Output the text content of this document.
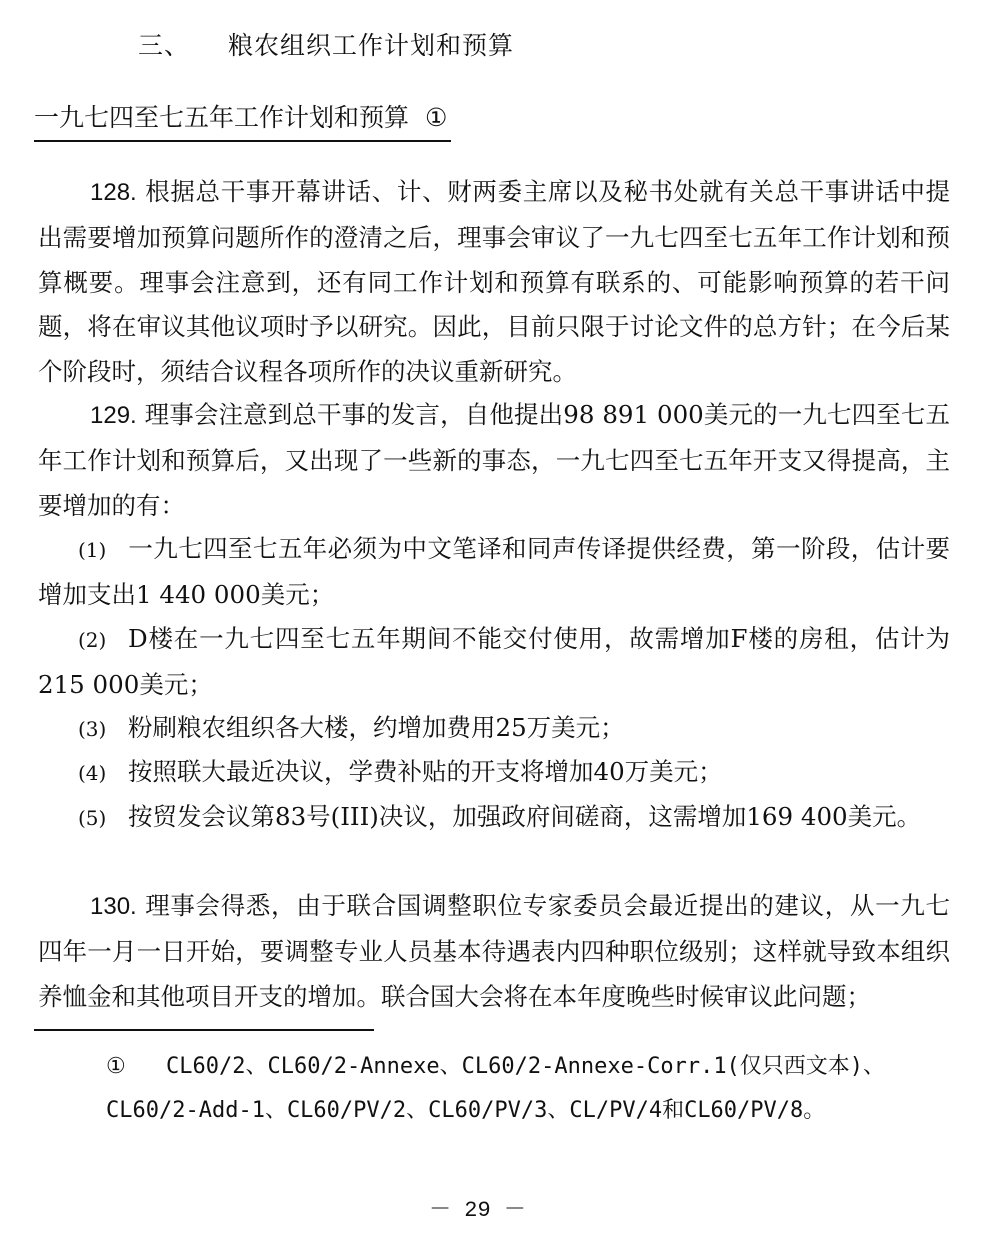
三、 粮农组织工作计划和预算
一九七四至七五年工作计划和预算 ①

128. 根据总干事开幕讲话、计、财两委主席以及秘书处就有关总干事讲话中提出需要增加预算问题所作的澄清之后，理事会审议了一九七四至七五年工作计划和预算概要。理事会注意到，还有同工作计划和预算有联系的、可能影响预算的若干问题，将在审议其他议项时予以研究。因此，目前只限于讨论文件的总方针；在今后某个阶段时，须结合议程各项所作的决议重新研究。

129. 理事会注意到总干事的发言，自他提出98 891 000美元的一九七四至七五年工作计划和预算后，又出现了一些新的事态，一九七四至七五年开支又得提高，主要增加的有：

(1) 一九七四至七五年必须为中文笔译和同声传译提供经费，第一阶段，估计要增加支出1 440 000美元；

(2) D楼在一九七四至七五年期间不能交付使用，故需增加F楼的房租，估计为215 000美元；

(3) 粉刷粮农组织各大楼，约增加费用25万美元；

(4) 按照联大最近决议，学费补贴的开支将增加40万美元；

(5) 按贸发会议第83号(III)决议，加强政府间磋商，这需增加169 400美元。

130. 理事会得悉，由于联合国调整职位专家委员会最近提出的建议，从一九七四年一月一日开始，要调整专业人员基本待遇表内四种职位级别；这样就导致本组织养恤金和其他项目开支的增加。联合国大会将在本年度晚些时候审议此问题；

① CL60/2、CL60/2-Annexe、CL60/2-Annexe-Corr.1(仅只西文本)、CL60/2-Add-1、CL60/PV/2、CL60/PV/3、CL/PV/4和CL60/PV/8。

－ 29 －
